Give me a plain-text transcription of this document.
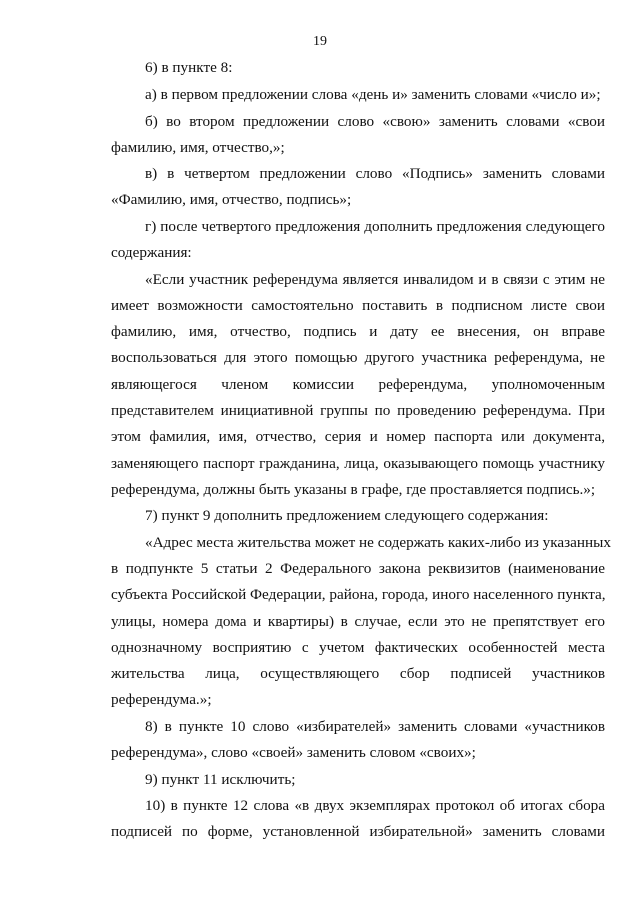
19
6) в пункте 8:
а) в первом предложении слова «день и» заменить словами «число и»;
б) во втором предложении слово «свою» заменить словами «свои
фамилию, имя, отчество,»;
в) в четвертом предложении слово «Подпись» заменить словами
«Фамилию, имя, отчество, подпись»;
г) после четвертого предложения дополнить предложения следующего
содержания:
«Если участник референдума является инвалидом и в связи с этим не
имеет возможности самостоятельно поставить в подписном листе свои
фамилию, имя, отчество, подпись и дату ее внесения, он вправе
воспользоваться для этого помощью другого участника референдума, не
являющегося членом комиссии референдума, уполномоченным
представителем инициативной группы по проведению референдума. При
этом фамилия, имя, отчество, серия и номер паспорта или документа,
заменяющего паспорт гражданина, лица, оказывающего помощь участнику
референдума, должны быть указаны в графе, где проставляется подпись.»;
7) пункт 9 дополнить предложением следующего содержания:
«Адрес места жительства может не содержать каких-либо из указанных
в подпункте 5 статьи 2 Федерального закона реквизитов (наименование
субъекта Российской Федерации, района, города, иного населенного пункта,
улицы, номера дома и квартиры) в случае, если это не препятствует его
однозначному восприятию с учетом фактических особенностей места
жительства лица, осуществляющего сбор подписей участников
референдума.»;
8) в пункте 10 слово «избирателей» заменить словами «участников
референдума», слово «своей» заменить словом «своих»;
9) пункт 11 исключить;
10) в пункте 12 слова «в двух экземплярах протокол об итогах сбора
подписей по форме, установленной избирательной» заменить словами
